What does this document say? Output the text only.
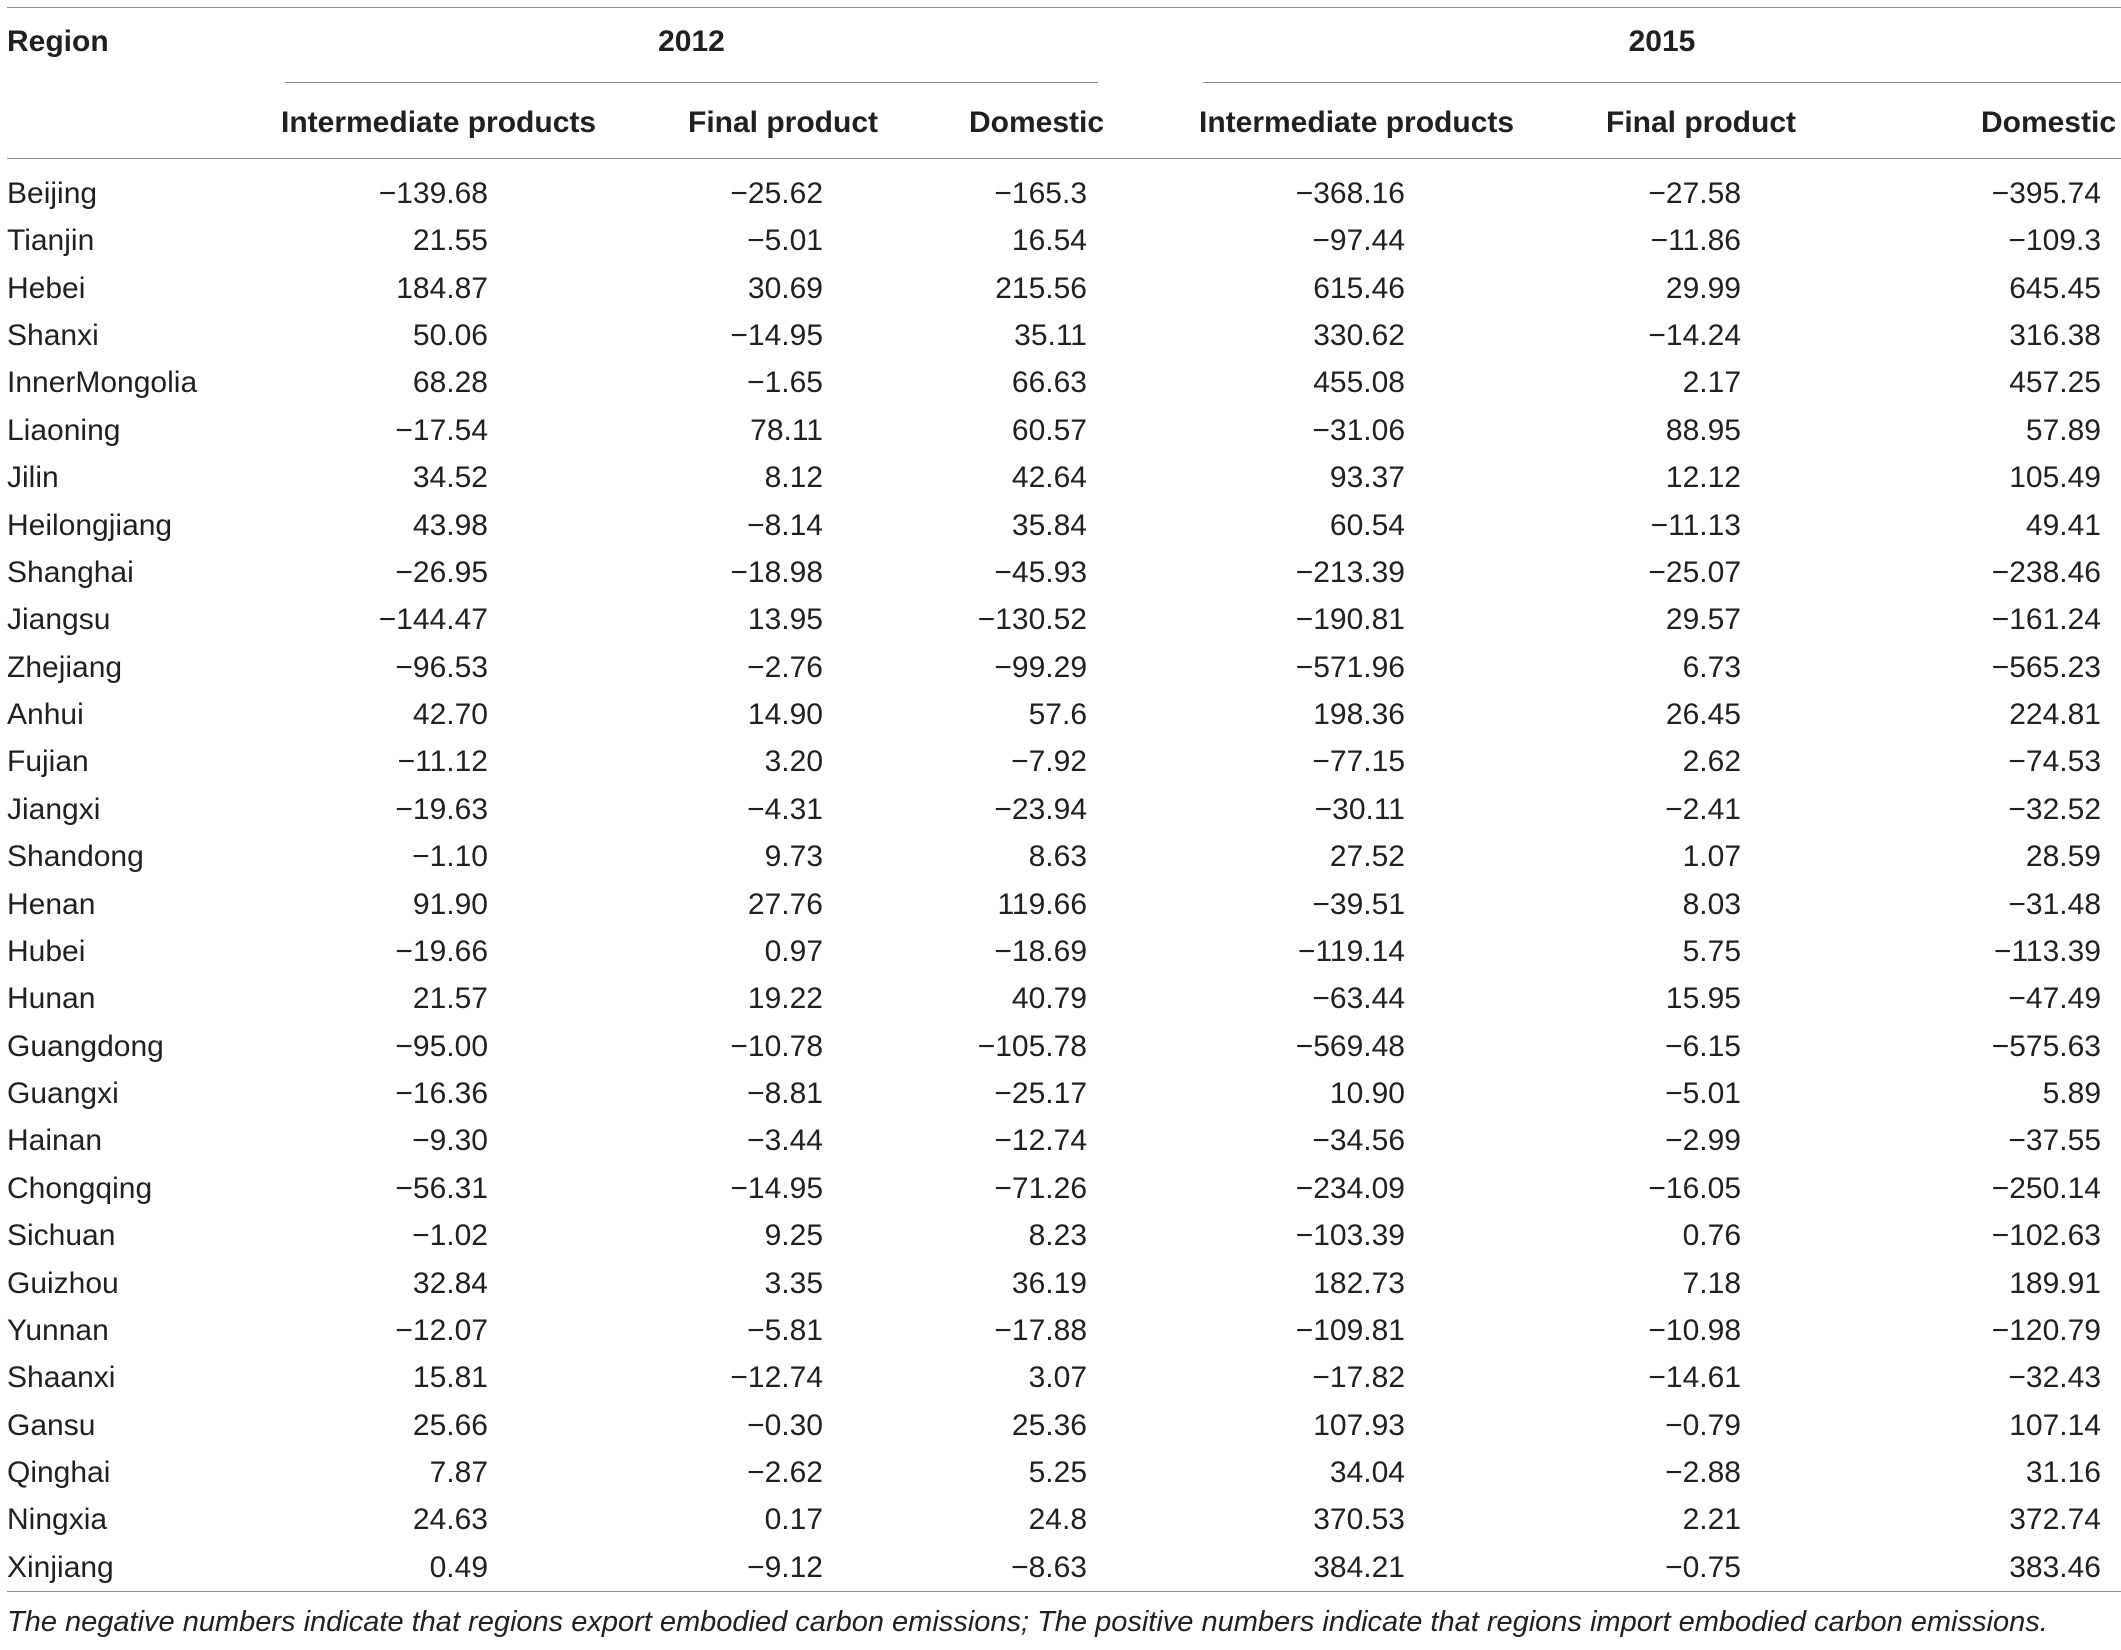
Region	2012	2015
Intermediate products	Final product	Domestic	Intermediate products	Final product	Domestic
Beijing	−139.68	−25.62	−165.3	−368.16	−27.58	−395.74
Tianjin	21.55	−5.01	16.54	−97.44	−11.86	−109.3
Hebei	184.87	30.69	215.56	615.46	29.99	645.45
Shanxi	50.06	−14.95	35.11	330.62	−14.24	316.38
InnerMongolia	68.28	−1.65	66.63	455.08	2.17	457.25
Liaoning	−17.54	78.11	60.57	−31.06	88.95	57.89
Jilin	34.52	8.12	42.64	93.37	12.12	105.49
Heilongjiang	43.98	−8.14	35.84	60.54	−11.13	49.41
Shanghai	−26.95	−18.98	−45.93	−213.39	−25.07	−238.46
Jiangsu	−144.47	13.95	−130.52	−190.81	29.57	−161.24
Zhejiang	−96.53	−2.76	−99.29	−571.96	6.73	−565.23
Anhui	42.70	14.90	57.6	198.36	26.45	224.81
Fujian	−11.12	3.20	−7.92	−77.15	2.62	−74.53
Jiangxi	−19.63	−4.31	−23.94	−30.11	−2.41	−32.52
Shandong	−1.10	9.73	8.63	27.52	1.07	28.59
Henan	91.90	27.76	119.66	−39.51	8.03	−31.48
Hubei	−19.66	0.97	−18.69	−119.14	5.75	−113.39
Hunan	21.57	19.22	40.79	−63.44	15.95	−47.49
Guangdong	−95.00	−10.78	−105.78	−569.48	−6.15	−575.63
Guangxi	−16.36	−8.81	−25.17	10.90	−5.01	5.89
Hainan	−9.30	−3.44	−12.74	−34.56	−2.99	−37.55
Chongqing	−56.31	−14.95	−71.26	−234.09	−16.05	−250.14
Sichuan	−1.02	9.25	8.23	−103.39	0.76	−102.63
Guizhou	32.84	3.35	36.19	182.73	7.18	189.91
Yunnan	−12.07	−5.81	−17.88	−109.81	−10.98	−120.79
Shaanxi	15.81	−12.74	3.07	−17.82	−14.61	−32.43
Gansu	25.66	−0.30	25.36	107.93	−0.79	107.14
Qinghai	7.87	−2.62	5.25	34.04	−2.88	31.16
Ningxia	24.63	0.17	24.8	370.53	2.21	372.74
Xinjiang	0.49	−9.12	−8.63	384.21	−0.75	383.46
The negative numbers indicate that regions export embodied carbon emissions; The positive numbers indicate that regions import embodied carbon emissions.
